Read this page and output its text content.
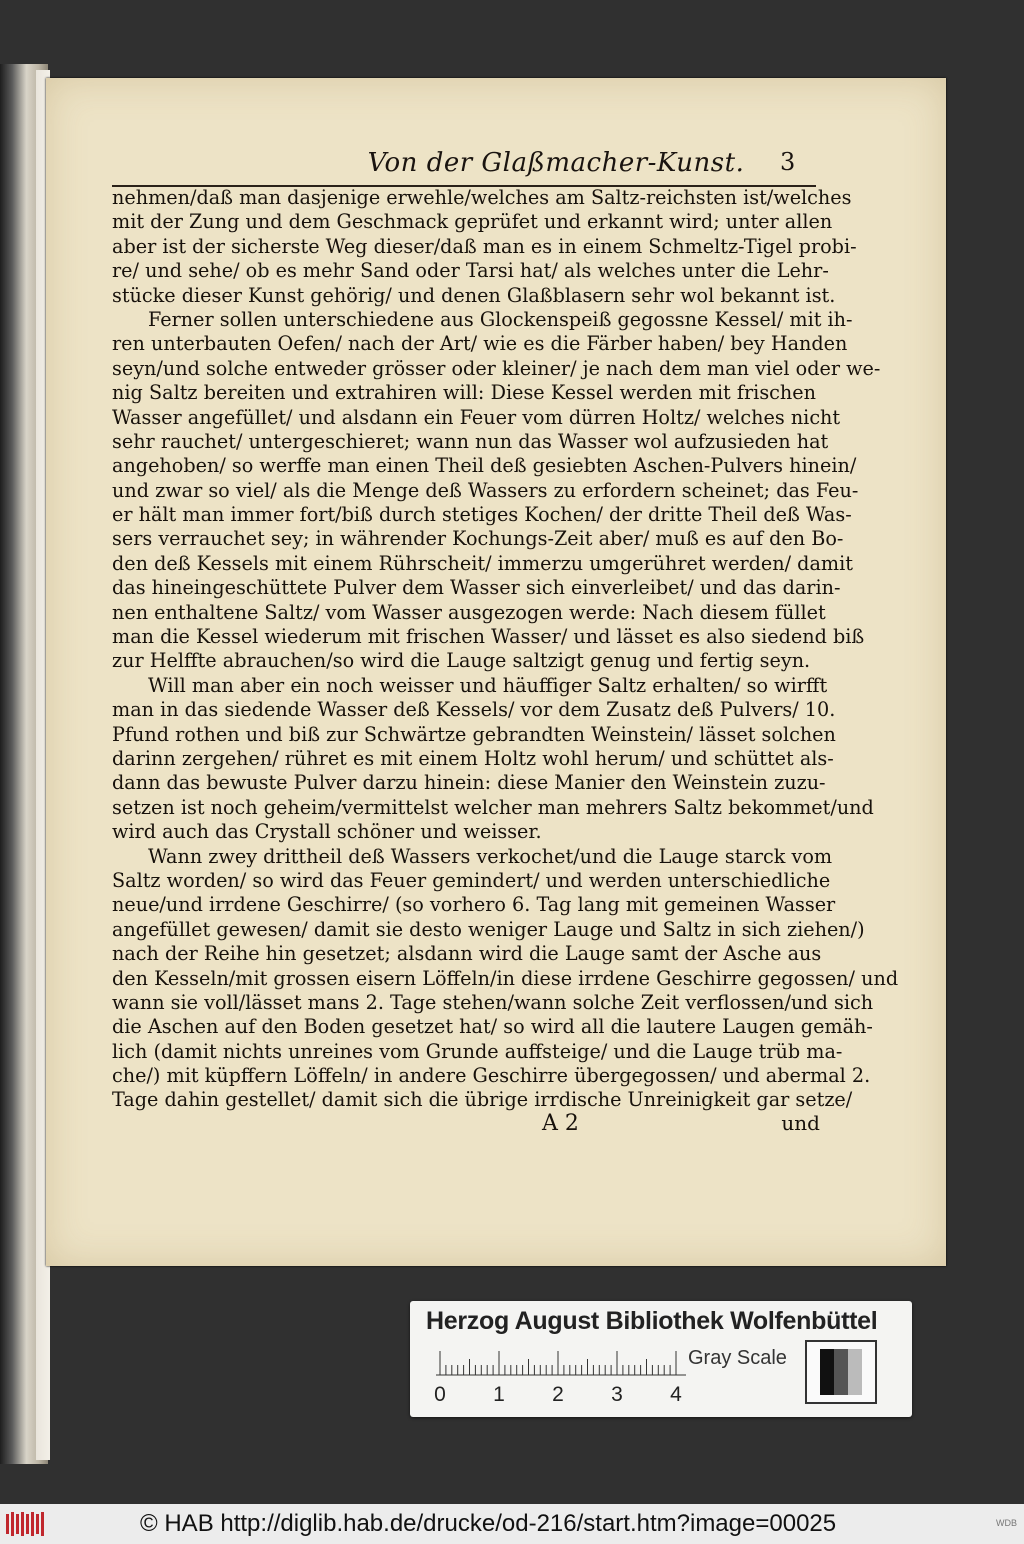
Von der Glaßmacher-Kunst.	3
nehmen/daß man dasjenige erwehle/welches am Saltz-reichsten ist/welches
mit der Zung und dem Geschmack geprüfet und erkannt wird; unter allen
aber ist der sicherste Weg dieser/daß man es in einem Schmeltz-Tigel probi-
re/ und sehe/ ob es mehr Sand oder Tarsi hat/ als welches unter die Lehr-
stücke dieser Kunst gehörig/ und denen Glaßblasern sehr wol bekannt ist.
Ferner sollen unterschiedene aus Glockenspeiß gegossne Kessel/ mit ih-
ren unterbauten Oefen/ nach der Art/ wie es die Färber haben/ bey Handen
seyn/und solche entweder grösser oder kleiner/ je nach dem man viel oder we-
nig Saltz bereiten und extrahiren will: Diese Kessel werden mit frischen
Wasser angefüllet/ und alsdann ein Feuer vom dürren Holtz/ welches nicht
sehr rauchet/ untergeschieret; wann nun das Wasser wol aufzusieden hat
angehoben/ so werffe man einen Theil deß gesiebten Aschen-Pulvers hinein/
und zwar so viel/ als die Menge deß Wassers zu erfordern scheinet; das Feu-
er hält man immer fort/biß durch stetiges Kochen/ der dritte Theil deß Was-
sers verrauchet sey; in währender Kochungs-Zeit aber/ muß es auf den Bo-
den deß Kessels mit einem Rührscheit/ immerzu umgerühret werden/ damit
das hineingeschüttete Pulver dem Wasser sich einverleibet/ und das darin-
nen enthaltene Saltz/ vom Wasser ausgezogen werde: Nach diesem füllet
man die Kessel wiederum mit frischen Wasser/ und lässet es also siedend biß
zur Helffte abrauchen/so wird die Lauge saltzigt genug und fertig seyn.
Will man aber ein noch weisser und häuffiger Saltz erhalten/ so wirfft
man in das siedende Wasser deß Kessels/ vor dem Zusatz deß Pulvers/ 10.
Pfund rothen und biß zur Schwärtze gebrandten Weinstein/ lässet solchen
darinn zergehen/ rühret es mit einem Holtz wohl herum/ und schüttet als-
dann das bewuste Pulver darzu hinein: diese Manier den Weinstein zuzu-
setzen ist noch geheim/vermittelst welcher man mehrers Saltz bekommet/und
wird auch das Crystall schöner und weisser.
Wann zwey drittheil deß Wassers verkochet/und die Lauge starck vom
Saltz worden/ so wird das Feuer gemindert/ und werden unterschiedliche
neue/und irrdene Geschirre/ (so vorhero 6. Tag lang mit gemeinen Wasser
angefüllet gewesen/ damit sie desto weniger Lauge und Saltz in sich ziehen/)
nach der Reihe hin gesetzet; alsdann wird die Lauge samt der Asche aus
den Kesseln/mit grossen eisern Löffeln/in diese irrdene Geschirre gegossen/ und
wann sie voll/lässet mans 2. Tage stehen/wann solche Zeit verflossen/und sich
die Aschen auf den Boden gesetzet hat/ so wird all die lautere Laugen gemäh-
lich (damit nichts unreines vom Grunde auffsteige/ und die Lauge trüb ma-
che/) mit küpffern Löffeln/ in andere Geschirre übergegossen/ und abermal 2.
Tage dahin gestellet/ damit sich die übrige irrdische Unreinigkeit gar setze/
A 2	und
Herzog August Bibliothek Wolfenbüttel
0 1 2 3 4
Gray Scale
© HAB http://diglib.hab.de/drucke/od-216/start.htm?image=00025	WDB
